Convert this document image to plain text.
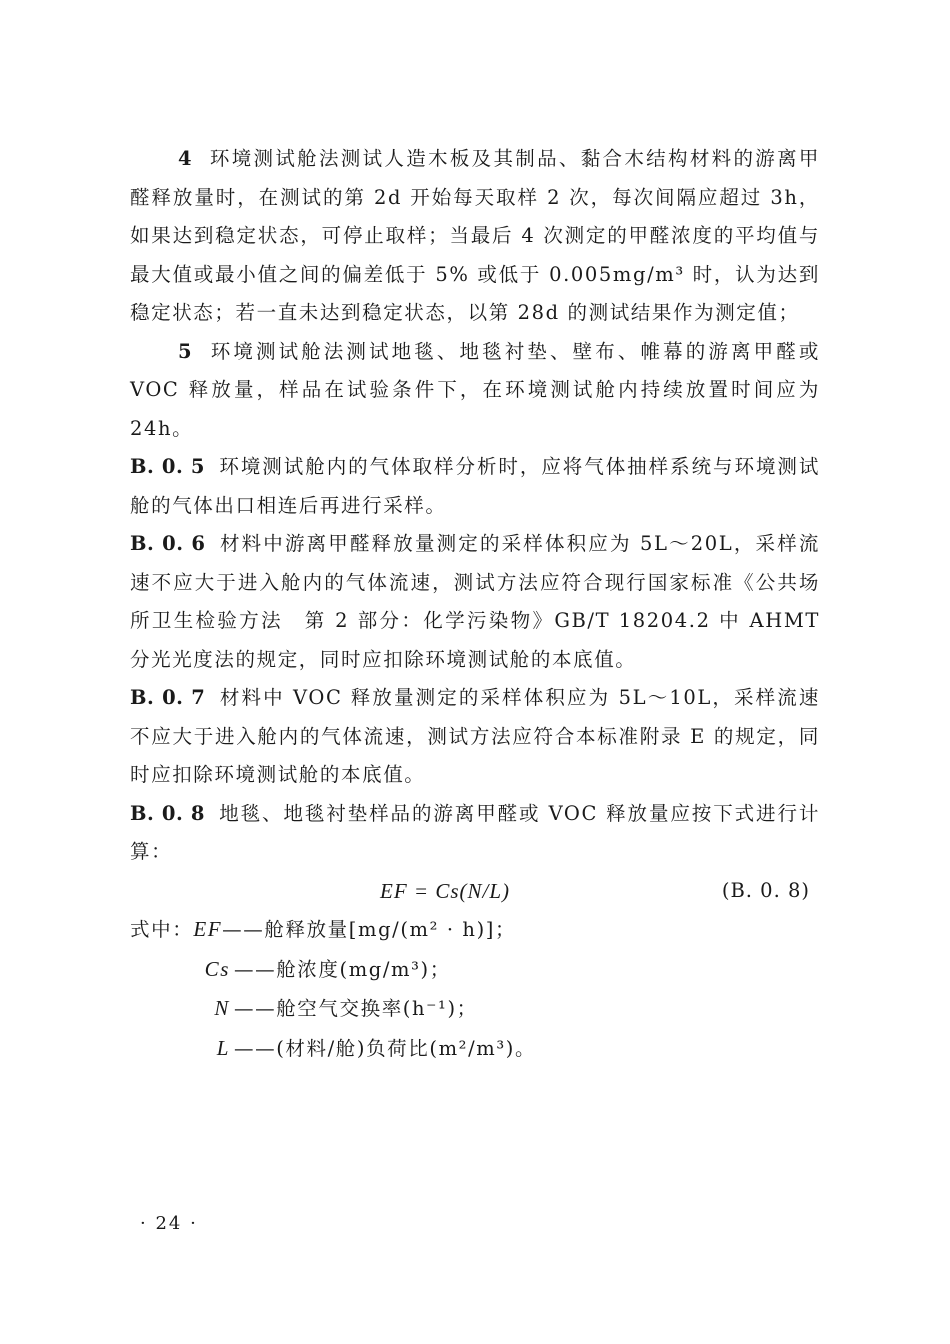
4 环境测试舱法测试人造木板及其制品、黏合木结构材料的游离甲醛释放量时，在测试的第 2d 开始每天取样 2 次，每次间隔应超过 3h，如果达到稳定状态，可停止取样；当最后 4 次测定的甲醛浓度的平均值与最大值或最小值之间的偏差低于 5% 或低于 0.005mg/m³ 时，认为达到稳定状态；若一直未达到稳定状态，以第 28d 的测试结果作为测定值；

5 环境测试舱法测试地毯、地毯衬垫、壁布、帷幕的游离甲醛或 VOC 释放量，样品在试验条件下，在环境测试舱内持续放置时间应为 24h。

B. 0. 5 环境测试舱内的气体取样分析时，应将气体抽样系统与环境测试舱的气体出口相连后再进行采样。

B. 0. 6 材料中游离甲醛释放量测定的采样体积应为 5L～20L，采样流速不应大于进入舱内的气体流速，测试方法应符合现行国家标准《公共场所卫生检验方法　第 2 部分：化学污染物》GB/T 18204.2 中 AHMT 分光光度法的规定，同时应扣除环境测试舱的本底值。

B. 0. 7 材料中 VOC 释放量测定的采样体积应为 5L～10L，采样流速不应大于进入舱内的气体流速，测试方法应符合本标准附录 E 的规定，同时应扣除环境测试舱的本底值。

B. 0. 8 地毯、地毯衬垫样品的游离甲醛或 VOC 释放量应按下式进行计算：

EF = Cs(N/L)	(B. 0. 8)

式中：EF——舱释放量[mg/(m² · h)]；

Cs ——舱浓度(mg/m³)；

N ——舱空气交换率(h⁻¹)；

L ——(材料/舱)负荷比(m²/m³)。

· 24 ·
